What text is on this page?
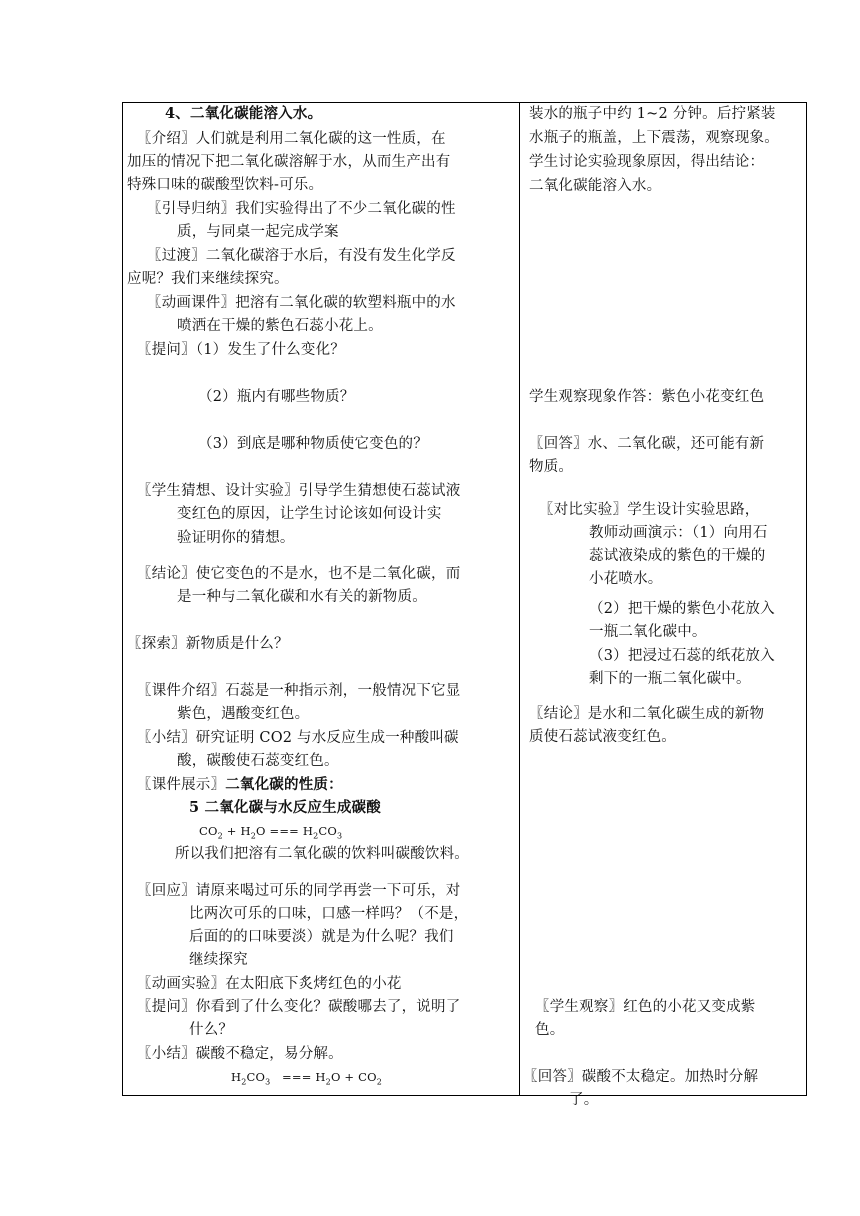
4、二氧化碳能溶入水。
〖介绍〗人们就是利用二氧化碳的这一性质，在
加压的情况下把二氧化碳溶解于水，从而生产出有
特殊口味的碳酸型饮料-可乐。
〖引导归纳〗我们实验得出了不少二氧化碳的性
质，与同桌一起完成学案
〖过渡〗二氧化碳溶于水后，有没有发生化学反
应呢？我们来继续探究。
〖动画课件〗把溶有二氧化碳的软塑料瓶中的水
喷洒在干燥的紫色石蕊小花上。
〖提问〗（1）发生了什么变化？
（2）瓶内有哪些物质？
（3）到底是哪种物质使它变色的？
〖学生猜想、设计实验〗引导学生猜想使石蕊试液
变红色的原因，让学生讨论该如何设计实
验证明你的猜想。
〖结论〗使它变色的不是水，也不是二氧化碳，而
是一种与二氧化碳和水有关的新物质。
〖探索〗新物质是什么？
〖课件介绍〗石蕊是一种指示剂，一般情况下它显
紫色，遇酸变红色。
〖小结〗研究证明 CO2 与水反应生成一种酸叫碳
酸，碳酸使石蕊变红色。
〖课件展示〗二氧化碳的性质：
5 二氧化碳与水反应生成碳酸
$CO_2 + H_2O$ === $H_2CO_3$
所以我们把溶有二氧化碳的饮料叫碳酸饮料。
〖回应〗请原来喝过可乐的同学再尝一下可乐，对
比两次可乐的口味，口感一样吗？（不是，
后面的的口味要淡）就是为什么呢？我们
继续探究
〖动画实验〗在太阳底下炙烤红色的小花
〖提问〗你看到了什么变化？碳酸哪去了，说明了
什么？
〖小结〗碳酸不稳定，易分解。
$H_2CO_3$   === $H_2O + CO_2$
装水的瓶子中约 1~2 分钟。后拧紧装
水瓶子的瓶盖，上下震荡，观察现象。
学生讨论实验现象原因，得出结论：
二氧化碳能溶入水。
学生观察现象作答：紫色小花变红色
〖回答〗水、二氧化碳，还可能有新
物质。
〖对比实验〗学生设计实验思路，
教师动画演示：（1）向用石
蕊试液染成的紫色的干燥的
小花喷水。
（2）把干燥的紫色小花放入
一瓶二氧化碳中。
（3）把浸过石蕊的纸花放入
剩下的一瓶二氧化碳中。
〖结论〗是水和二氧化碳生成的新物
质使石蕊试液变红色。
〖学生观察〗红色的小花又变成紫
色。
〖回答〗碳酸不太稳定。加热时分解
了。
